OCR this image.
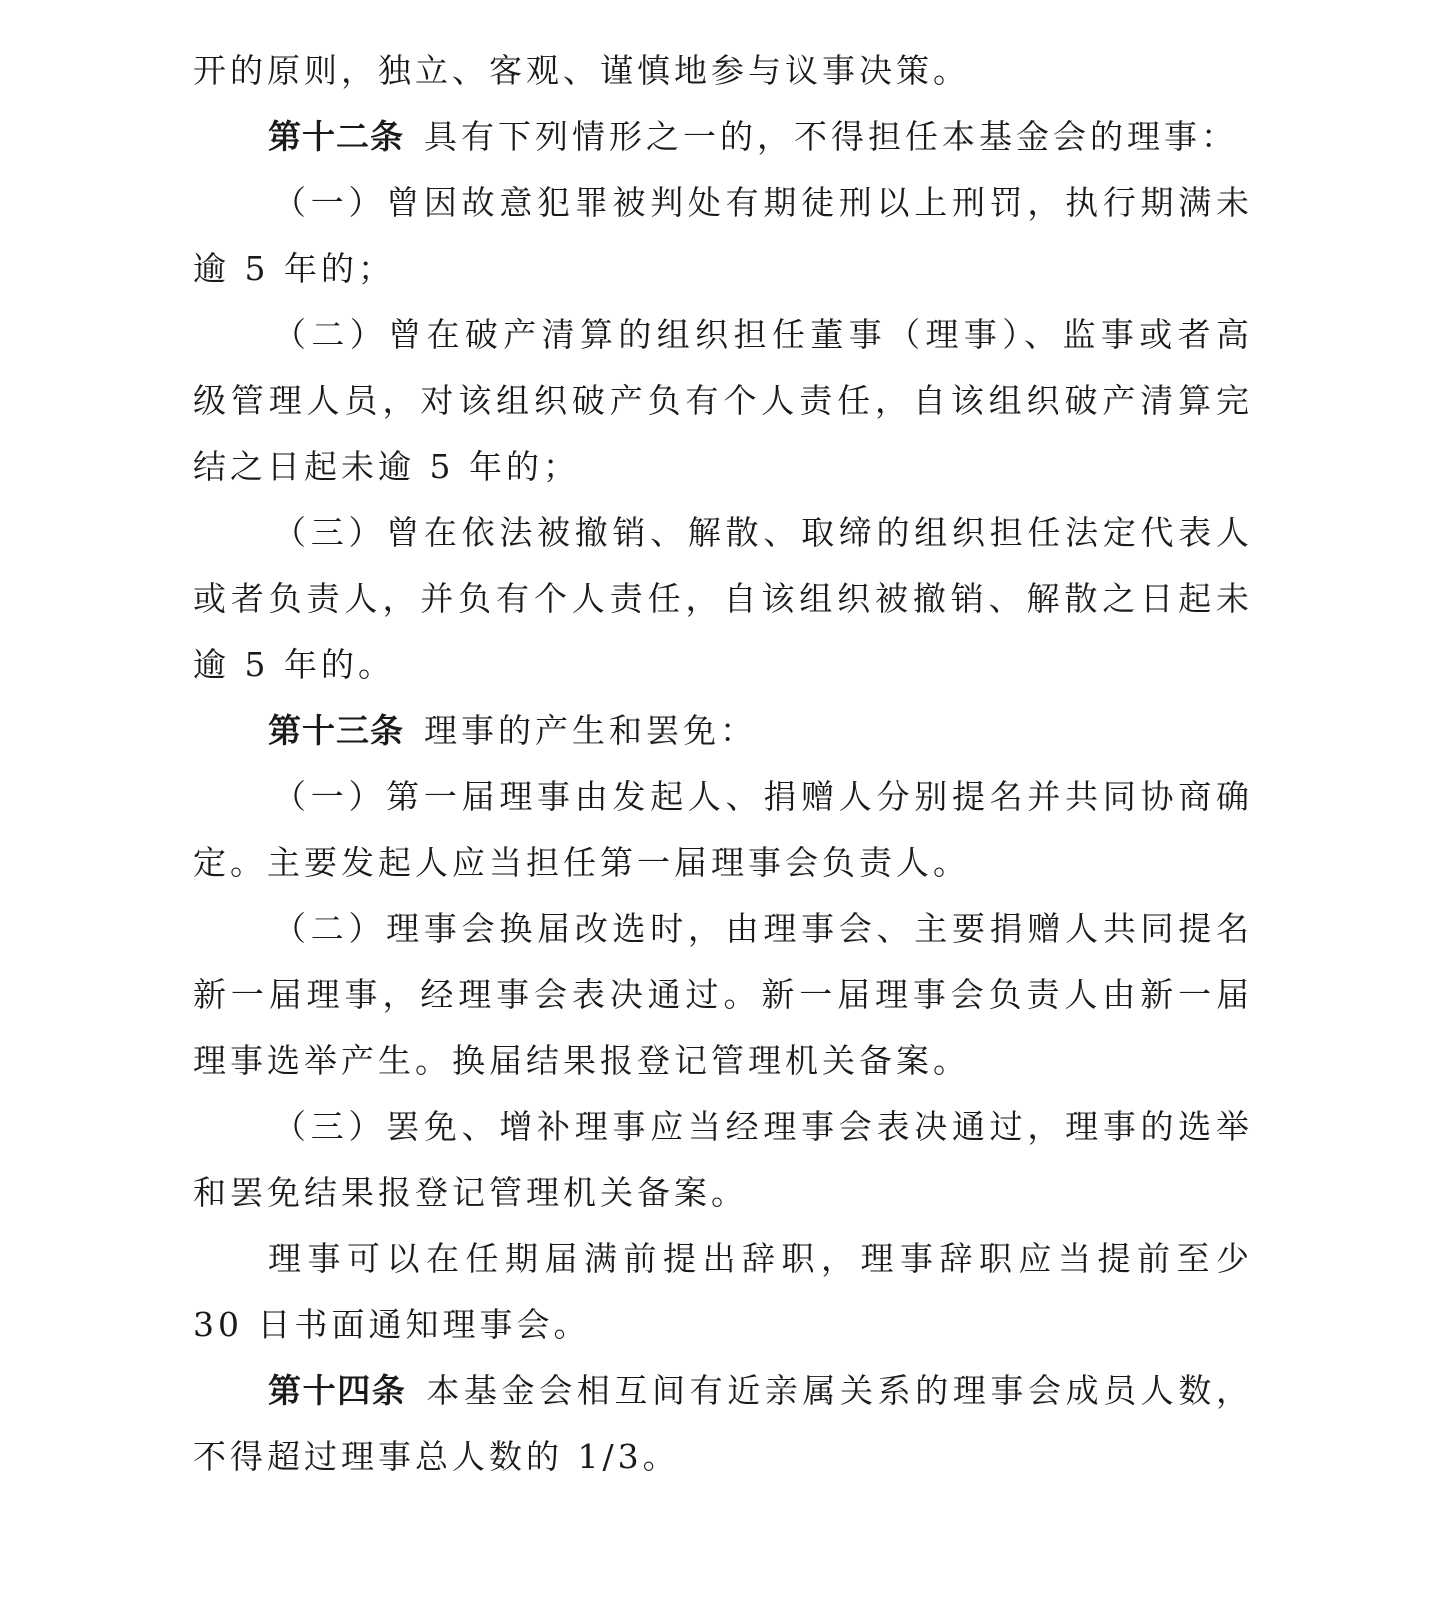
开的原则，独立、客观、谨慎地参与议事决策。

第十二条 具有下列情形之一的，不得担任本基金会的理事：

（一）曾因故意犯罪被判处有期徒刑以上刑罚，执行期满未逾 5 年的；

（二）曾在破产清算的组织担任董事（理事）、监事或者高级管理人员，对该组织破产负有个人责任，自该组织破产清算完结之日起未逾 5 年的；

（三）曾在依法被撤销、解散、取缔的组织担任法定代表人或者负责人，并负有个人责任，自该组织被撤销、解散之日起未逾 5 年的。

第十三条 理事的产生和罢免：

（一）第一届理事由发起人、捐赠人分别提名并共同协商确定。主要发起人应当担任第一届理事会负责人。

（二）理事会换届改选时，由理事会、主要捐赠人共同提名新一届理事，经理事会表决通过。新一届理事会负责人由新一届理事选举产生。换届结果报登记管理机关备案。

（三）罢免、增补理事应当经理事会表决通过，理事的选举和罢免结果报登记管理机关备案。

理事可以在任期届满前提出辞职，理事辞职应当提前至少 30 日书面通知理事会。

第十四条 本基金会相互间有近亲属关系的理事会成员人数，不得超过理事总人数的 1/3。
